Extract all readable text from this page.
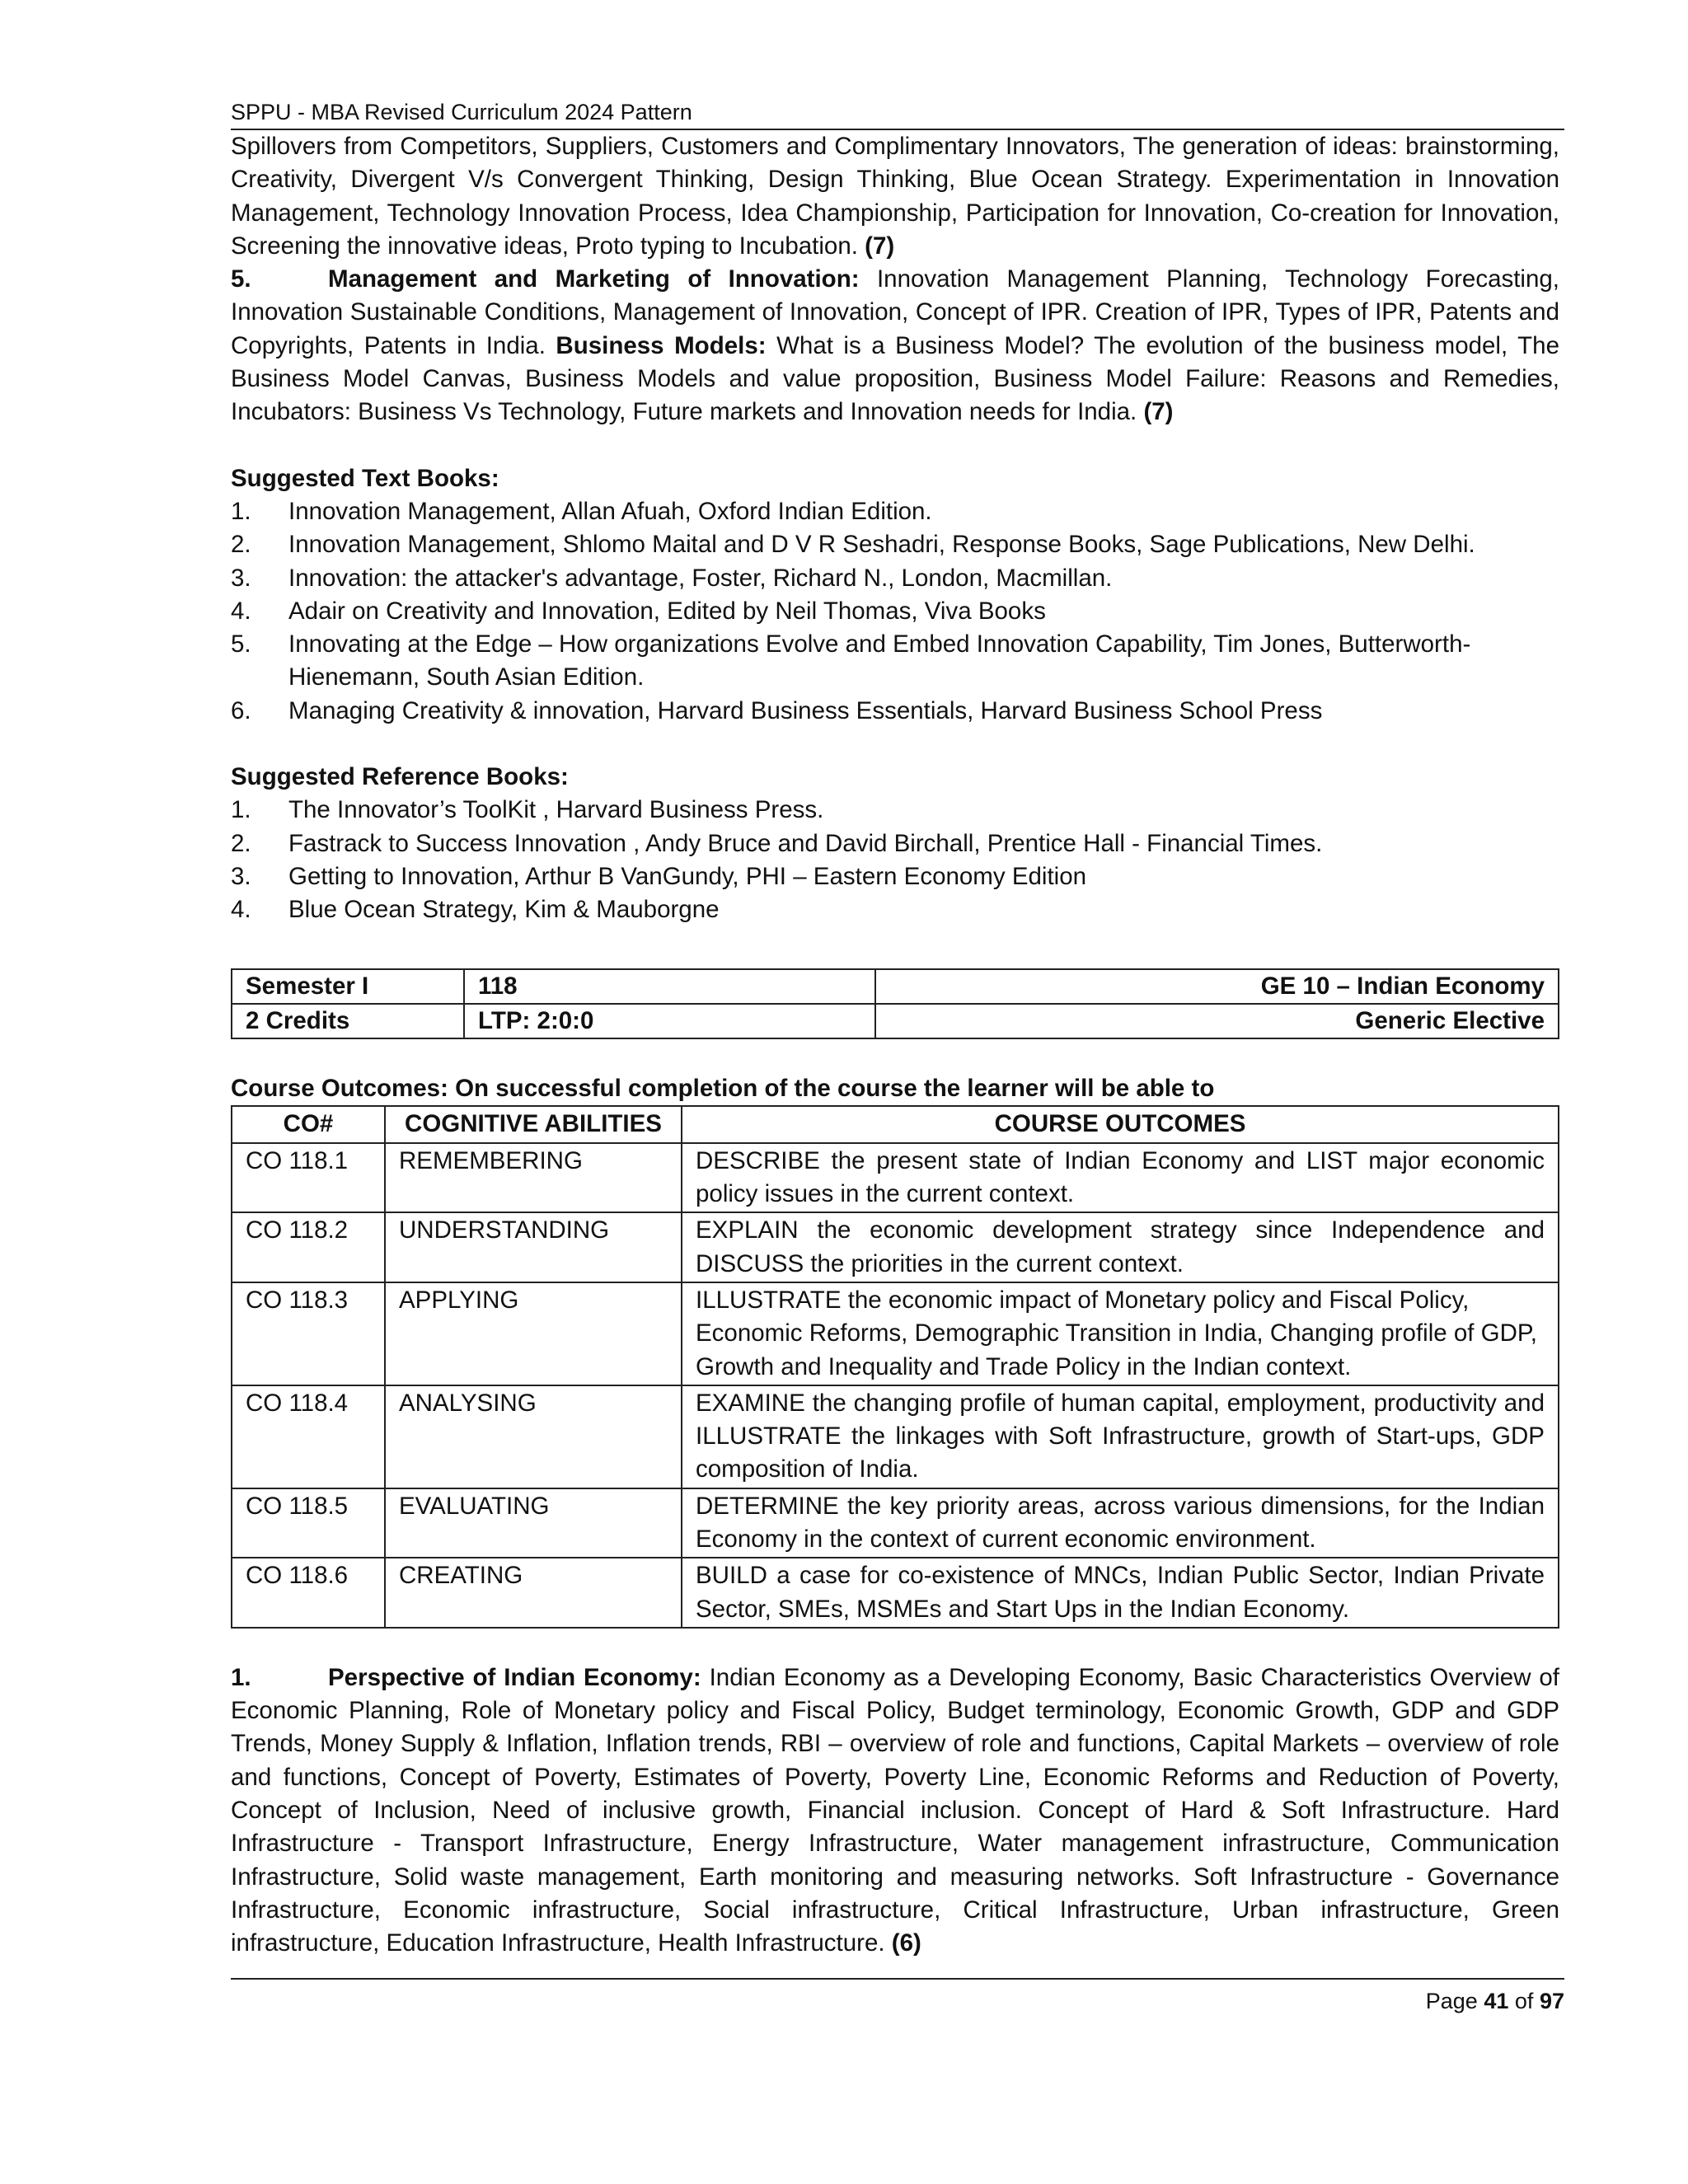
SPPU - MBA Revised Curriculum 2024 Pattern

Spillovers from Competitors, Suppliers, Customers and Complimentary Innovators, The generation of ideas: brainstorming, Creativity, Divergent V/s Convergent Thinking, Design Thinking, Blue Ocean Strategy. Experimentation in Innovation Management, Technology Innovation Process, Idea Championship, Participation for Innovation, Co-creation for Innovation, Screening the innovative ideas, Proto typing to Incubation. (7)

5.	Management and Marketing of Innovation: Innovation Management Planning, Technology Forecasting, Innovation Sustainable Conditions, Management of Innovation, Concept of IPR. Creation of IPR, Types of IPR, Patents and Copyrights, Patents in India. Business Models: What is a Business Model? The evolution of the business model, The Business Model Canvas, Business Models and value proposition, Business Model Failure: Reasons and Remedies, Incubators: Business Vs Technology, Future markets and Innovation needs for India. (7)

Suggested Text Books:

1. Innovation Management, Allan Afuah, Oxford Indian Edition.
2. Innovation Management, Shlomo Maital and D V R Seshadri, Response Books, Sage Publications, New Delhi.
3. Innovation: the attacker's advantage, Foster, Richard N., London, Macmillan.
4. Adair on Creativity and Innovation, Edited by Neil Thomas, Viva Books
5. Innovating at the Edge – How organizations Evolve and Embed Innovation Capability, Tim Jones, Butterworth-Hienemann, South Asian Edition.
6. Managing Creativity & innovation, Harvard Business Essentials, Harvard Business School Press

Suggested Reference Books:

1. The Innovator’s ToolKit , Harvard Business Press.
2. Fastrack to Success Innovation , Andy Bruce and David Birchall, Prentice Hall - Financial Times.
3. Getting to Innovation, Arthur B VanGundy, PHI – Eastern Economy Edition
4. Blue Ocean Strategy, Kim & Mauborgne
Semester I	118	GE 10 – Indian Economy
2 Credits	LTP: 2:0:0	Generic Elective

Course Outcomes: On successful completion of the course the learner will be able to

CO#	COGNITIVE ABILITIES	COURSE OUTCOMES
CO 118.1	REMEMBERING	DESCRIBE the present state of Indian Economy and LIST major economic policy issues in the current context.
CO 118.2	UNDERSTANDING	EXPLAIN the economic development strategy since Independence and DISCUSS the priorities in the current context.
CO 118.3	APPLYING	ILLUSTRATE the economic impact of Monetary policy and Fiscal Policy, Economic Reforms, Demographic Transition in India, Changing profile of GDP,
Growth and Inequality and Trade Policy in the Indian context.

CO 118.4	ANALYSING	EXAMINE the changing profile of human capital, employment, productivity and ILLUSTRATE the linkages with Soft Infrastructure, growth of Start-ups, GDP composition of India.
CO 118.5	EVALUATING	DETERMINE the key priority areas, across various dimensions, for the Indian Economy in the context of current economic environment.
CO 118.6	CREATING	BUILD a case for co-existence of MNCs, Indian Public Sector, Indian Private Sector, SMEs, MSMEs and Start Ups in the Indian Economy.

1.	Perspective of Indian Economy: Indian Economy as a Developing Economy, Basic Characteristics Overview of Economic Planning, Role of Monetary policy and Fiscal Policy, Budget terminology, Economic Growth, GDP and GDP Trends, Money Supply & Inflation, Inflation trends, RBI – overview of role and functions, Capital Markets – overview of role and functions, Concept of Poverty, Estimates of Poverty, Poverty Line, Economic Reforms and Reduction of Poverty, Concept of Inclusion, Need of inclusive growth, Financial inclusion. Concept of Hard & Soft Infrastructure. Hard Infrastructure - Transport Infrastructure, Energy Infrastructure, Water management infrastructure, Communication Infrastructure, Solid waste management, Earth monitoring and measuring networks. Soft Infrastructure - Governance Infrastructure, Economic infrastructure, Social infrastructure, Critical Infrastructure, Urban infrastructure, Green infrastructure, Education Infrastructure, Health Infrastructure. (6)

Page 41 of 97
